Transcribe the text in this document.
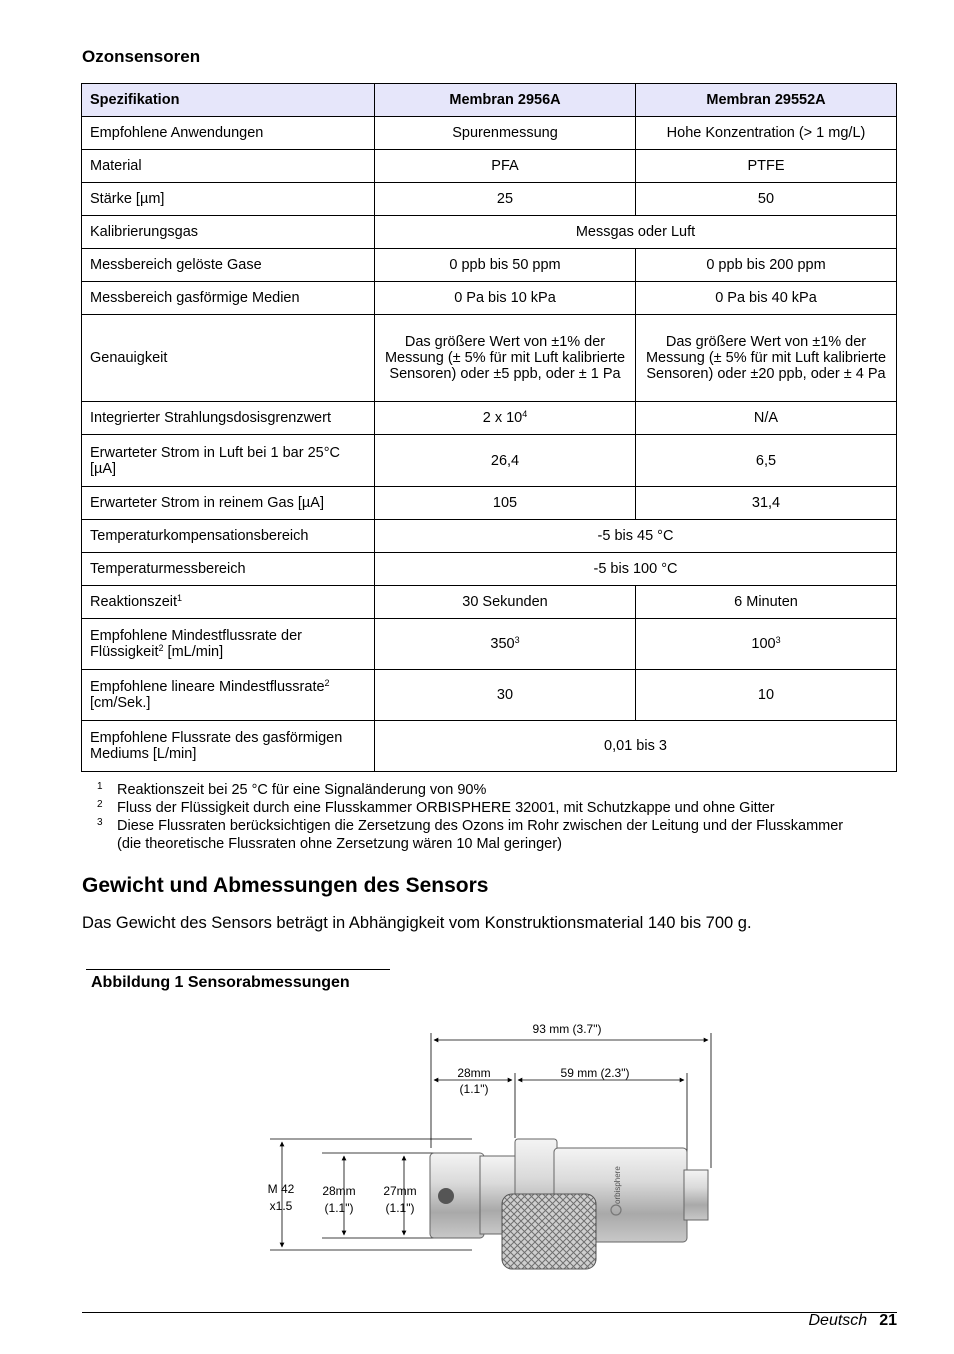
Ozonsensoren
Spezifikation	Membran 2956A	Membran 29552A
Empfohlene Anwendungen	Spurenmessung	Hohe Konzentration (> 1 mg/L)
Material	PFA	PTFE
Stärke [µm]	25	50
Kalibrierungsgas	Messgas oder Luft	
Messbereich gelöste Gase	0 ppb bis 50 ppm	0 ppb bis 200 ppm
Messbereich gasförmige Medien	0 Pa bis 10 kPa	0 Pa bis 40 kPa
Genauigkeit	Das größere Wert von ±1% der Messung (± 5% für mit Luft kalibrierte Sensoren) oder ±5 ppb, oder ± 1 Pa	Das größere Wert von ±1% der Messung (± 5% für mit Luft kalibrierte Sensoren) oder ±20 ppb, oder ± 4 Pa
Integrierter Strahlungsdosisgrenzwert	2 x $10^4$	N/A
Erwarteter Strom in Luft bei 1 bar 25°C [µA]	26,4	6,5
Erwarteter Strom in reinem Gas [µA]	105	31,4
Temperaturkompensationsbereich	-5 bis 45 °C	
Temperaturmessbereich	-5 bis 100 °C	
Reaktionszeit$^1$	30 Sekunden	6 Minuten
Empfohlene Mindestflussrate der Flüssigkeit$^2$ [mL/min]	$350^3$	$100^3$
Empfohlene lineare Mindestflussrate$^2$ [cm/Sek.]	30	10
Empfohlene Flussrate des gasförmigen Mediums [L/min]	0,01 bis 3	
1 Reaktionszeit bei 25 °C für eine Signaländerung von 90%
2 Fluss der Flüssigkeit durch eine Flusskammer ORBISPHERE 32001, mit Schutzkappe und ohne Gitter
3 Diese Flussraten berücksichtigen die Zersetzung des Ozons im Rohr zwischen der Leitung und der Flusskammer (die theoretische Flussraten ohne Zersetzung wären 10 Mal geringer)
Gewicht und Abmessungen des Sensors
Das Gewicht des Sensors beträgt in Abhängigkeit vom Konstruktionsmaterial 140 bis 700 g.
Abbildung 1 Sensorabmessungen
orbisphere
93 mm (3.7")
28mm
(1.1")
59 mm (2.3")
M 42
x1.5
28mm
(1.1")
27mm
(1.1")
Deutsch 21
